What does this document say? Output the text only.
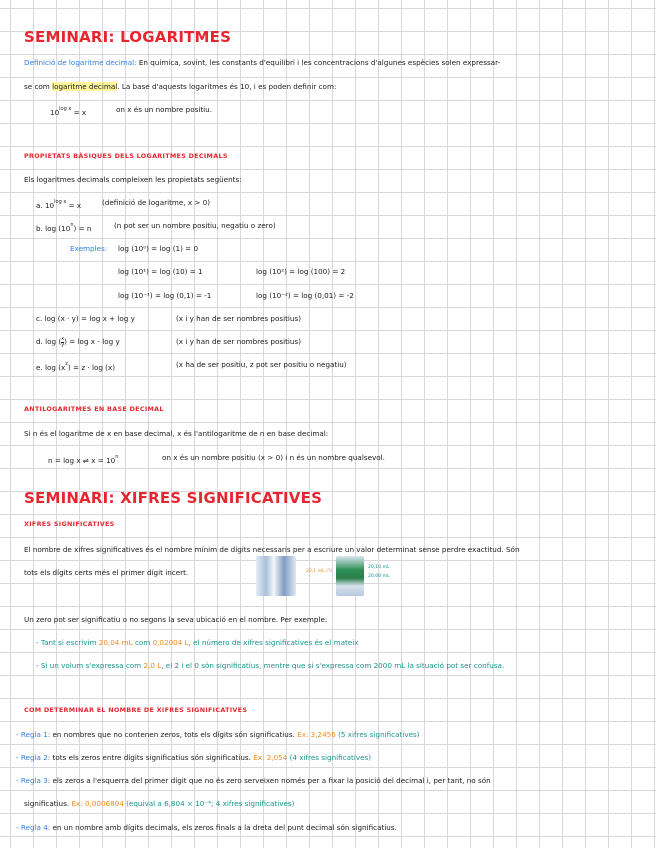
SEMINARI: LOGARITMES
Definició de logaritme decimal: En química, sovint, les constants d'equilibri i les concentracions d'algunes espècies solen expressar-
se com logaritme decimal. La base d'aquests logaritmes és 10, i es poden definir com:
$10^{log x} = x$	on x és un nombre positiu.
PROPIETATS BÀSIQUES DELS LOGARITMES DECIMALS
Els logaritmes decimals compleixen les propietats següents:
a. $10^{log x} = x$	(definició de logaritme, x > 0)
b. $\log (10^n) = n$	(n pot ser un nombre positiu, negatiu o zero)
Exemples: log (10⁰) = log (1) = 0
log (10¹) = log (10) = 1	log (10²) = log (100) = 2
log (10⁻¹) = log (0,1) = -1	log (10⁻²) = log (0,01) = -2
c. log (x · y) = log x + log y	(x i y han de ser nombres positius)
d. log ( $\frac{x}{y}$ ) = log x - log y	(x i y han de ser nombres positius)
e. $\log (x^z) = z \cdot \log (x)$	(x ha de ser positiu, z pot ser positiu o negatiu)
ANTILOGARITMES EN BASE DECIMAL
Si n és el logaritme de x en base decimal, x és l'antilogaritme de n en base decimal:
n = log x ⇌ $x = 10^n$	on x és un nombre positiu (x > 0) i n és un nombre qualsevol.
SEMINARI: XIFRES SIGNIFICATIVES
XIFRES SIGNIFICATIVES
El nombre de xifres significatives és el nombre mínim de dígits necessaris per a escriure un valor determinat sense perdre exactitud. Són
tots els dígits certs més el primer dígit incert.	20,1 mL (?)
20,10 mL
20,00 mL
Un zero pot ser significatiu o no segons la seva ubicació en el nombre. Per exemple:
- Tant si escrivim 20,04 mL com 0,02004 L, el número de xifres significatives és el mateix
- Si un volum s'expressa com 2,0 L, el 2 i el 0 són significatius, mentre que si s'expressa com 2000 mL la situació pot ser confusa.
COM DETERMINAR EL NOMBRE DE XIFRES SIGNIFICATIVES
- Regla 1: en nombres que no contenen zeros, tots els dígits són significatius. Ex: 3,2456 (5 xifres significatives)
- Regla 2: tots els zeros entre dígits significatius són significatius. Ex: 2,054 (4 xifres significatives)
- Regla 3: els zeros a l'esquerra del primer dígit que no és zero serveixen només per a fixar la posició del decimal i, per tant, no són
significatius. Ex: 0,0006804 (equival a 6,804 × 10⁻⁴; 4 xifres significatives)
- Regla 4: en un nombre amb dígits decimals, els zeros finals a la dreta del punt decimal són significatius.
